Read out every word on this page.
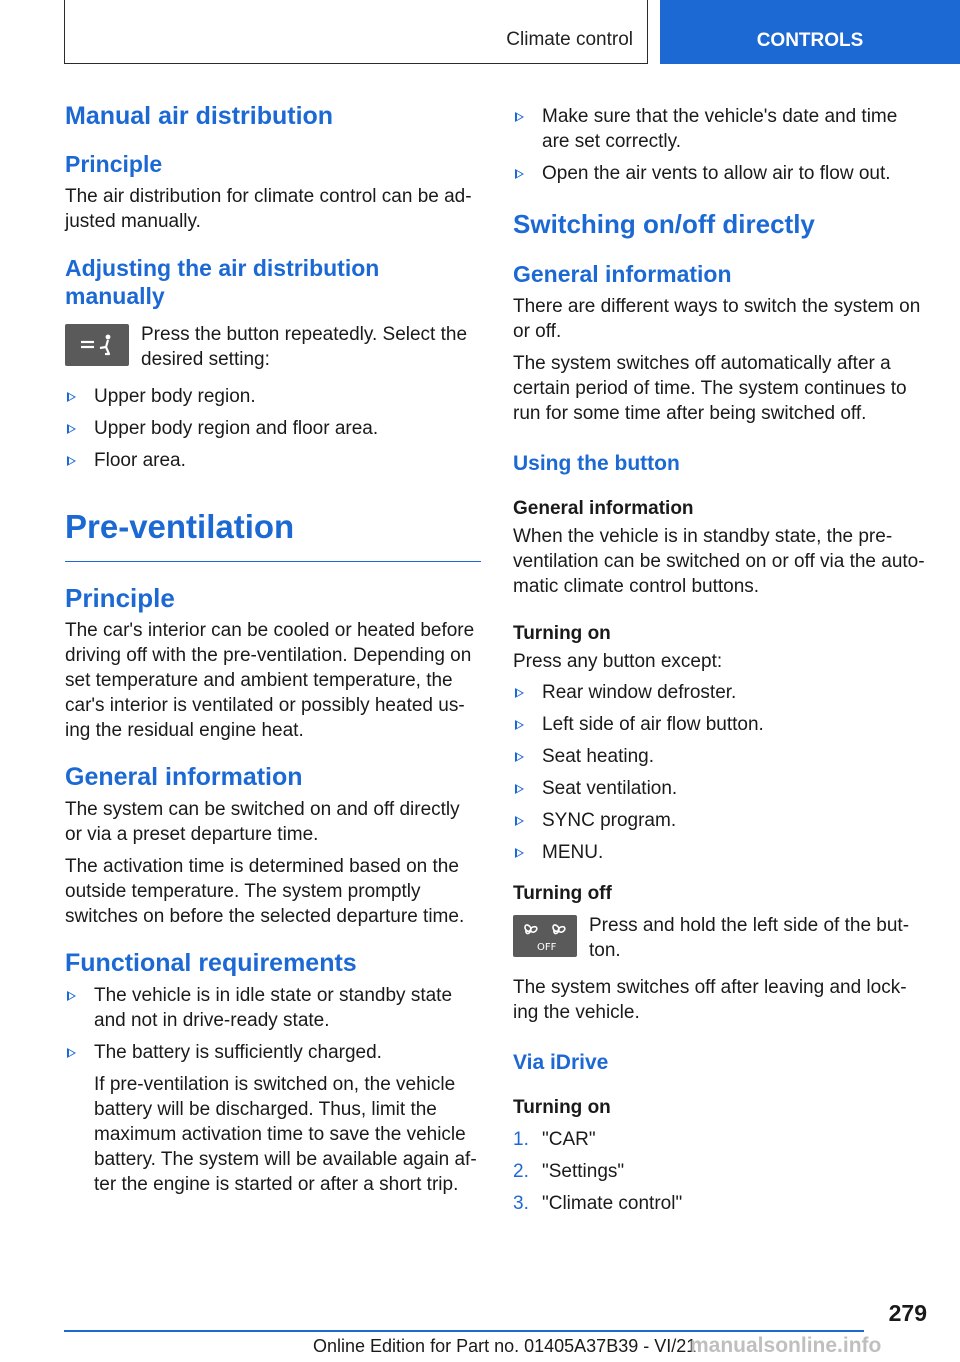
Climate control	CONTROLS
Manual air distribution
Principle

The air distribution for climate control can be ad‐justed manually.

Adjusting the air distribution manually
Press the button repeatedly. Select the desired setting:
Upper body region.
Upper body region and floor area.
Floor area.
Pre-ventilation
Principle

The car's interior can be cooled or heated before driving off with the pre-ventilation. Depending on set temperature and ambient temperature, the car's interior is ventilated or possibly heated us‐ing the residual engine heat.

General information

The system can be switched on and off directly or via a preset departure time.

The activation time is determined based on the outside temperature. The system promptly switches on before the selected departure time.

Functional requirements
The vehicle is in idle state or standby state and not in drive-ready state.
The battery is sufficiently charged.
If pre-ventilation is switched on, the vehicle battery will be discharged. Thus, limit the maximum activation time to save the vehicle battery. The system will be available again af‐ter the engine is started or after a short trip.
Make sure that the vehicle's date and time are set correctly.
Open the air vents to allow air to flow out.
Switching on/off directly
General information

There are different ways to switch the system on or off.

The system switches off automatically after a certain period of time. The system continues to run for some time after being switched off.

Using the button
General information

When the vehicle is in standby state, the pre-ventilation can be switched on or off via the auto‐matic climate control buttons.

Turning on

Press any button except:

Rear window defroster.
Left side of air flow button.
Seat heating.
Seat ventilation.
SYNC program.
MENU.
Turning off
OFF
Press and hold the left side of the but‐ton.

The system switches off after leaving and lock‐ing the vehicle.

Via iDrive
Turning on
1. "CAR"
2. "Settings"
3. "Climate control"
279
Online Edition for Part no. 01405A37B39 - VI/21
manualsonline.info
